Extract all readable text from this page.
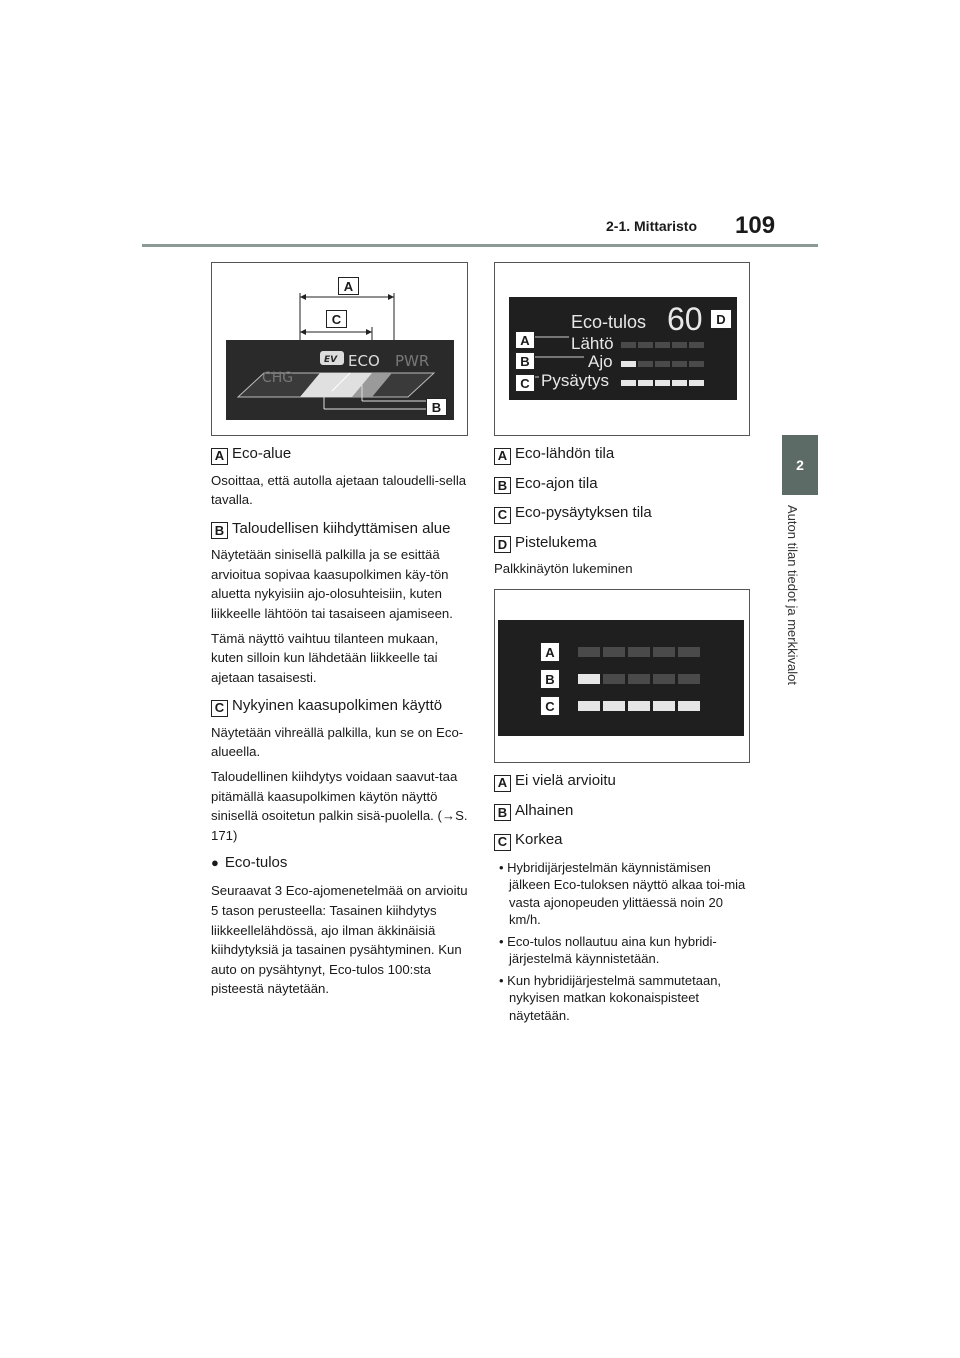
2-1. Mittaristo 109
2
Auton tilan tiedot ja merkkivalot
CHG
EV ECO PWR
A
C
B

A Eco-alue

Osoittaa, että autolla ajetaan taloudelli-sella tavalla.

B Taloudellisen kiihdyttämisen alue

Näytetään sinisellä palkilla ja se esittää arvioitua sopivaa kaasupolkimen käy-tön aluetta nykyisiin ajo-olosuhteisiin, kuten liikkeelle lähtöön tai tasaiseen ajamiseen.

Tämä näyttö vaihtuu tilanteen mukaan, kuten silloin kun lähdetään liikkeelle tai ajetaan tasaisesti.

C Nykyinen kaasupolkimen käyttö

Näytetään vihreällä palkilla, kun se on Eco-alueella.

Taloudellinen kiihdytys voidaan saavut-taa pitämällä kaasupolkimen käytön näyttö sinisellä osoitetun palkin sisä-puolella. (→S. 171)

● Eco-tulos

Seuraavat 3 Eco-ajomenetelmää on arvioitu 5 tason perusteella: Tasainen kiihdytys liikkeellelähdössä, ajo ilman äkkinäisiä kiihdytyksiä ja tasainen pysähtyminen. Kun auto on pysähtynyt, Eco-tulos 100:sta pisteestä näytetään.

Eco-tulos 60
Lähtö
Ajo
Pysäytys
A
B
C
D

A Eco-lähdön tila

B Eco-ajon tila

C Eco-pysäytyksen tila

D Pistelukema

Palkkinäytön lukeminen

A
B
C

A Ei vielä arvioitu

B Alhainen

C Korkea

• Hybridijärjestelmän käynnistämisen jälkeen Eco-tuloksen näyttö alkaa toi-mia vasta ajonopeuden ylittäessä noin 20 km/h.

• Eco-tulos nollautuu aina kun hybridi-järjestelmä käynnistetään.

• Kun hybridijärjestelmä sammutetaan, nykyisen matkan kokonaispisteet näytetään.
